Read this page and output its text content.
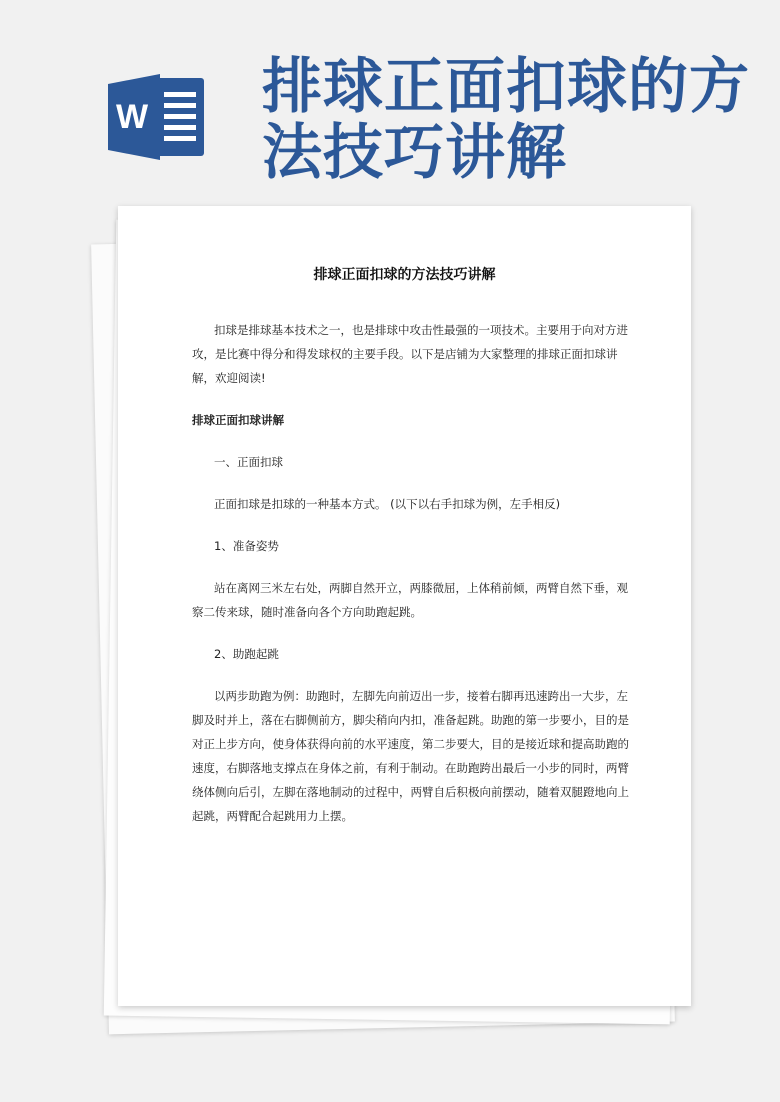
W 排球正面扣球的方

法技巧讲解

排球正面扣球的方法技巧讲解

扣球是排球基本技术之一，也是排球中攻击性最强的一项技术。主要用于向对方进攻，是比赛中得分和得发球权的主要手段。以下是店铺为大家整理的排球正面扣球讲解，欢迎阅读!

排球正面扣球讲解

一、正面扣球

正面扣球是扣球的一种基本方式。 (以下以右手扣球为例，左手相反)

1、准备姿势

站在离网三米左右处，两脚自然开立，两膝微屈，上体稍前倾，两臂自然下垂，观察二传来球，随时准备向各个方向助跑起跳。

2、助跑起跳

以两步助跑为例：助跑时，左脚先向前迈出一步，接着右脚再迅速跨出一大步，左脚及时并上，落在右脚侧前方，脚尖稍向内扣，准备起跳。助跑的第一步要小，目的是对正上步方向，使身体获得向前的水平速度，第二步要大，目的是接近球和提高助跑的速度，右脚落地支撑点在身体之前，有利于制动。在助跑跨出最后一小步的同时，两臂绕体侧向后引，左脚在落地制动的过程中，两臂自后积极向前摆动，随着双腿蹬地向上起跳，两臂配合起跳用力上摆。
